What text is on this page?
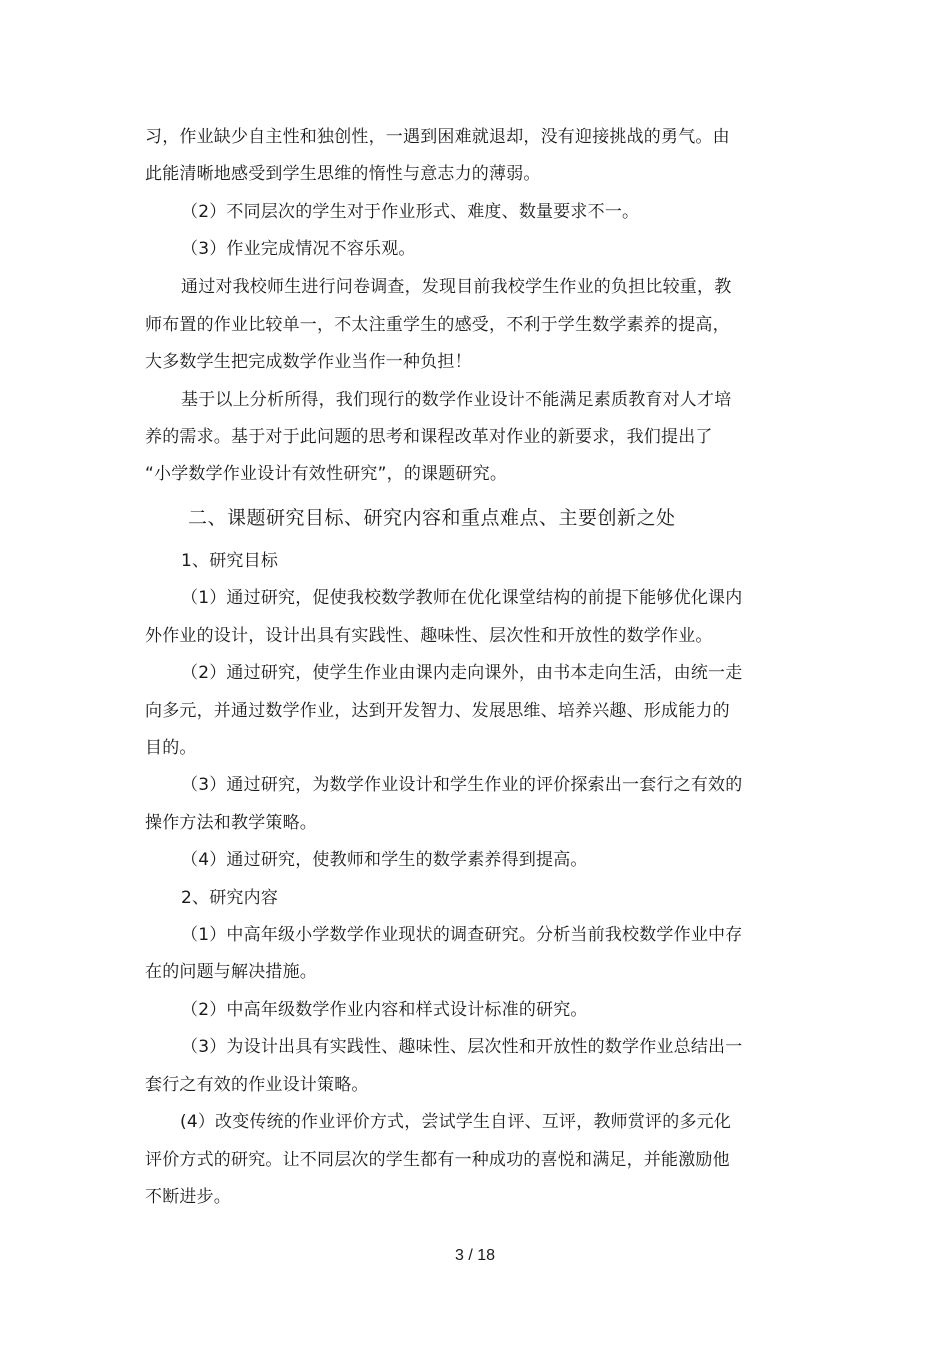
习，作业缺少自主性和独创性，一遇到困难就退却，没有迎接挑战的勇气。由
此能清晰地感受到学生思维的惰性与意志力的薄弱。
（2）不同层次的学生对于作业形式、难度、数量要求不一。
（3）作业完成情况不容乐观。
通过对我校师生进行问卷调查，发现目前我校学生作业的负担比较重，教
师布置的作业比较单一，不太注重学生的感受，不利于学生数学素养的提高，
大多数学生把完成数学作业当作一种负担！
基于以上分析所得，我们现行的数学作业设计不能满足素质教育对人才培
养的需求。基于对于此问题的思考和课程改革对作业的新要求，我们提出了
“小学数学作业设计有效性研究”，的课题研究。
二、课题研究目标、研究内容和重点难点、主要创新之处
1、研究目标
（1）通过研究，促使我校数学教师在优化课堂结构的前提下能够优化课内
外作业的设计，设计出具有实践性、趣味性、层次性和开放性的数学作业。
（2）通过研究，使学生作业由课内走向课外，由书本走向生活，由统一走
向多元，并通过数学作业，达到开发智力、发展思维、培养兴趣、形成能力的
目的。
（3）通过研究，为数学作业设计和学生作业的评价探索出一套行之有效的
操作方法和教学策略。
（4）通过研究，使教师和学生的数学素养得到提高。
2、研究内容
（1）中高年级小学数学作业现状的调查研究。分析当前我校数学作业中存
在的问题与解决措施。
（2）中高年级数学作业内容和样式设计标准的研究。
（3）为设计出具有实践性、趣味性、层次性和开放性的数学作业总结出一
套行之有效的作业设计策略。
(4）改变传统的作业评价方式，尝试学生自评、互评，教师赏评的多元化
评价方式的研究。让不同层次的学生都有一种成功的喜悦和满足，并能激励他
不断进步。
3 / 18
